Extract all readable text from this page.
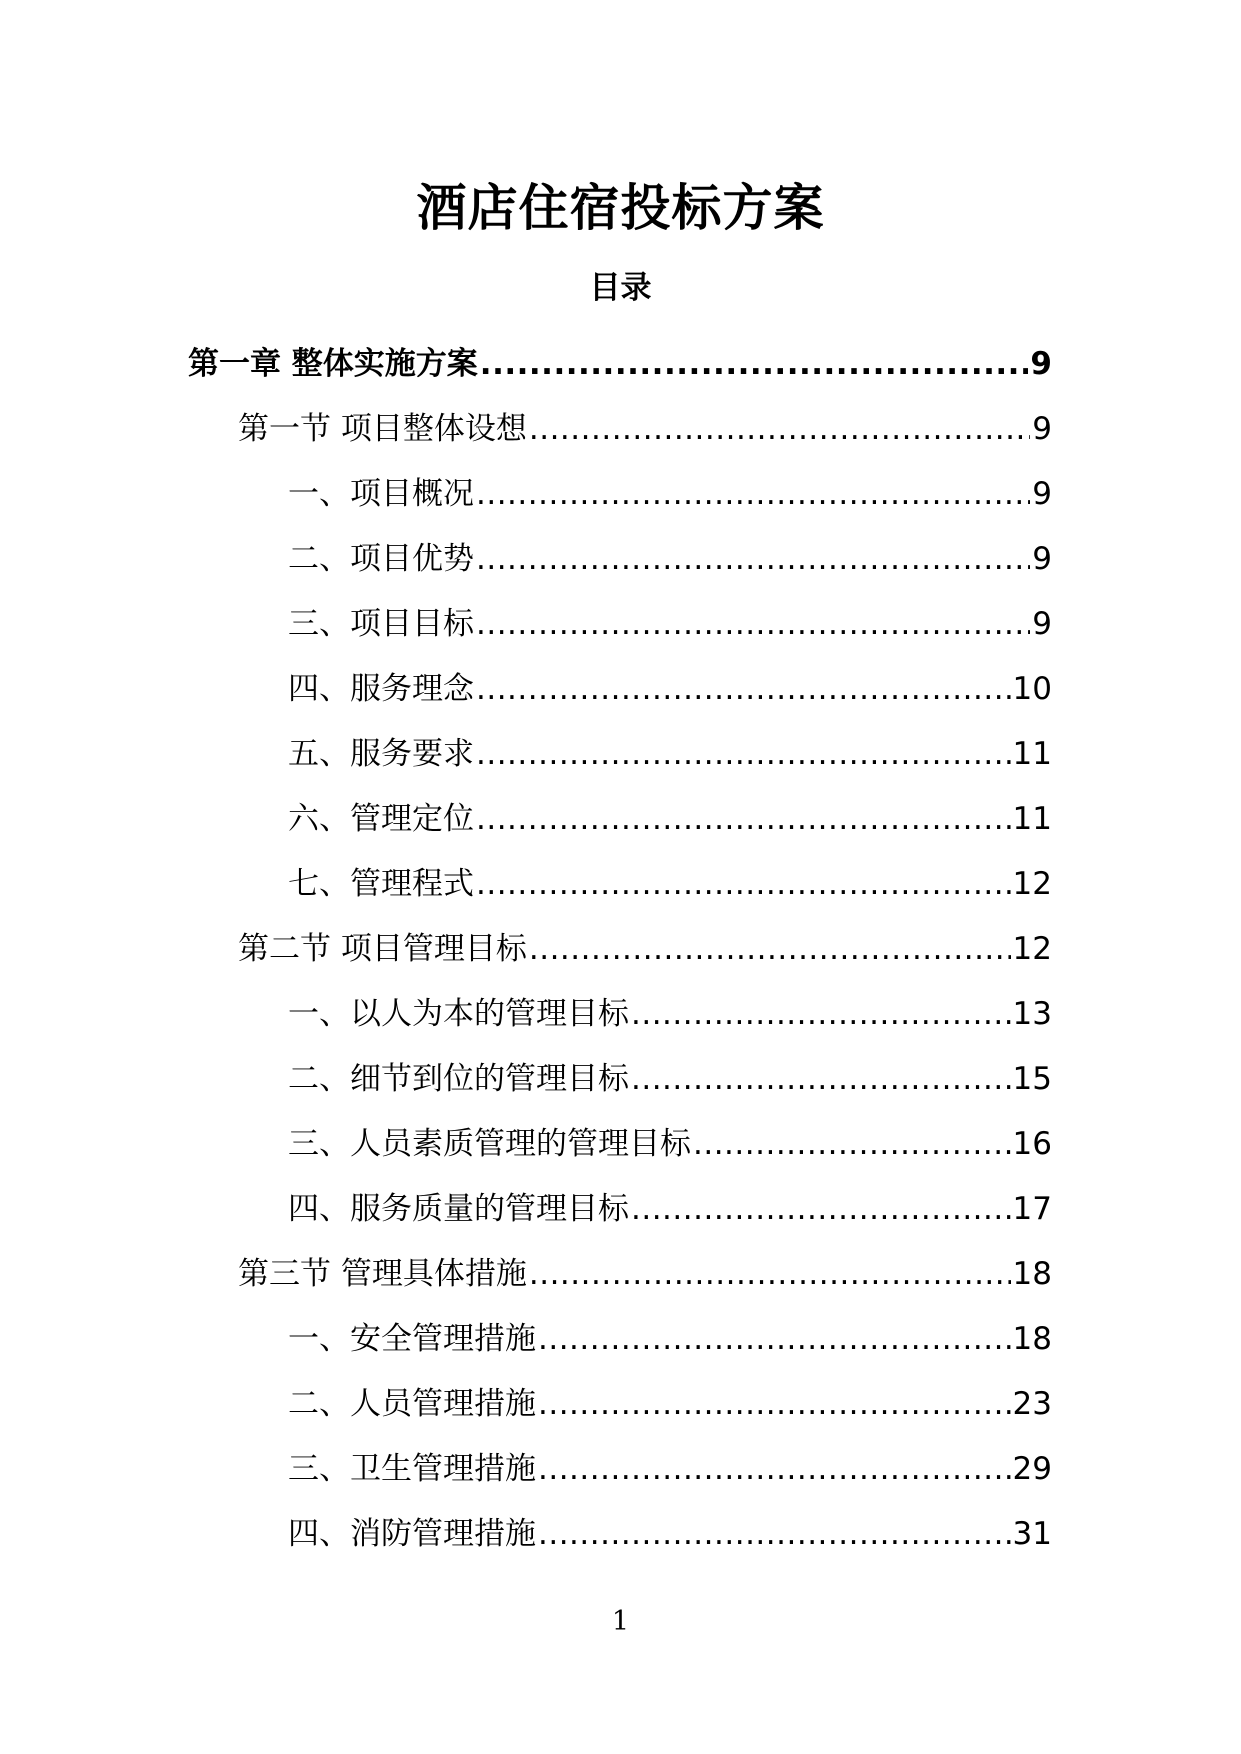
酒店住宿投标方案
目录
第一章 整体实施方案 .....	9
第一节 项目整体设想 .....	9
一、项目概况 .....	9
二、项目优势 .....	9
三、项目目标 .....	9
四、服务理念 .....	10
五、服务要求 .....	11
六、管理定位 .....	11
七、管理程式 .....	12
第二节 项目管理目标 .....	12
一、以人为本的管理目标 .....	13
二、细节到位的管理目标 .....	15
三、人员素质管理的管理目标 .....	16
四、服务质量的管理目标 .....	17
第三节 管理具体措施 .....	18
一、安全管理措施 .....	18
二、人员管理措施 .....	23
三、卫生管理措施 .....	29
四、消防管理措施 .....	31
1
